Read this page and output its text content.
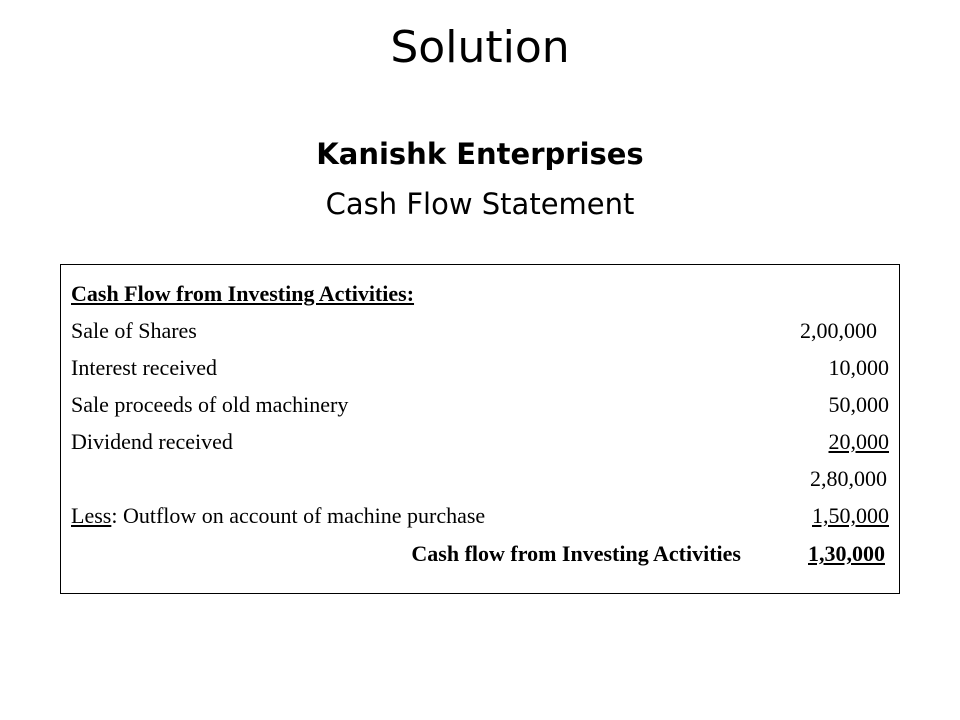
Solution
Kanishk Enterprises
Cash Flow Statement
Cash Flow from Investing Activities:
Sale of Shares	2,00,000
Interest received	10,000
Sale proceeds of old machinery	50,000
Dividend received	20,000
2,80,000
Less: Outflow on account of machine purchase	1,50,000
Cash flow from Investing Activities	1,30,000
